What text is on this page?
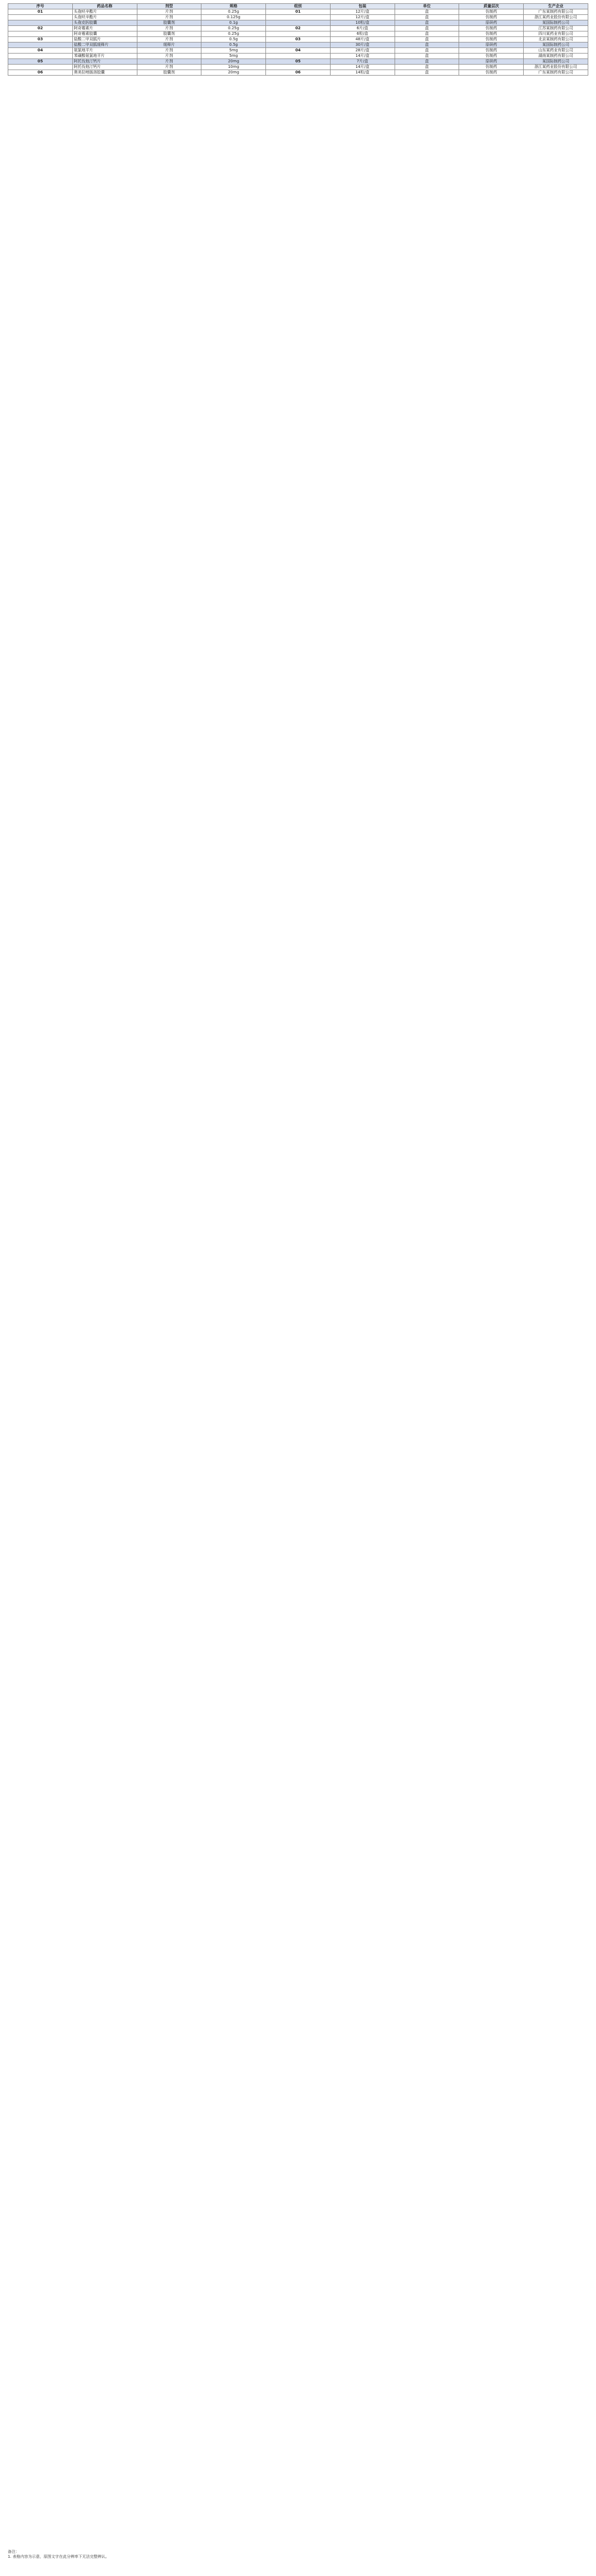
序号	药品名称	剂型	规格	组别	包装	单位	质量层次	生产企业
01	头孢呋辛酯片	片剂	0.25g	01	12片/盒	盒	仿制药	广东某制药有限公司
	头孢呋辛酯片	片剂	0.125g		12片/盒	盒	仿制药	浙江某药业股份有限公司
	头孢克肟胶囊	胶囊剂	0.1g		10粒/盒	盒	原研药	某国际制药公司
02	阿奇霉素片	片剂	0.25g	02	6片/盒	盒	仿制药	江苏某制药有限公司
	阿奇霉素胶囊	胶囊剂	0.25g		6粒/盒	盒	仿制药	四川某药业有限公司
03	盐酸二甲双胍片	片剂	0.5g	03	48片/盒	盒	仿制药	北京某制药有限公司
	盐酸二甲双胍缓释片	缓释片	0.5g		30片/盒	盒	原研药	某国际制药公司
04	氨氯地平片	片剂	5mg	04	28片/盒	盒	仿制药	山东某药业有限公司
	苯磺酸氨氯地平片	片剂	5mg		14片/盒	盒	仿制药	湖南某制药有限公司
05	阿托伐他汀钙片	片剂	20mg	05	7片/盒	盒	原研药	某国际制药公司
	阿托伐他汀钙片	片剂	10mg		14片/盒	盒	仿制药	浙江某药业股份有限公司
06	奥美拉唑肠溶胶囊	胶囊剂	20mg	06	14粒/盒	盒	仿制药	广东某制药有限公司
备注：
1. 表格内容为示意，原图文字在此分辨率下无法完整辨认。
